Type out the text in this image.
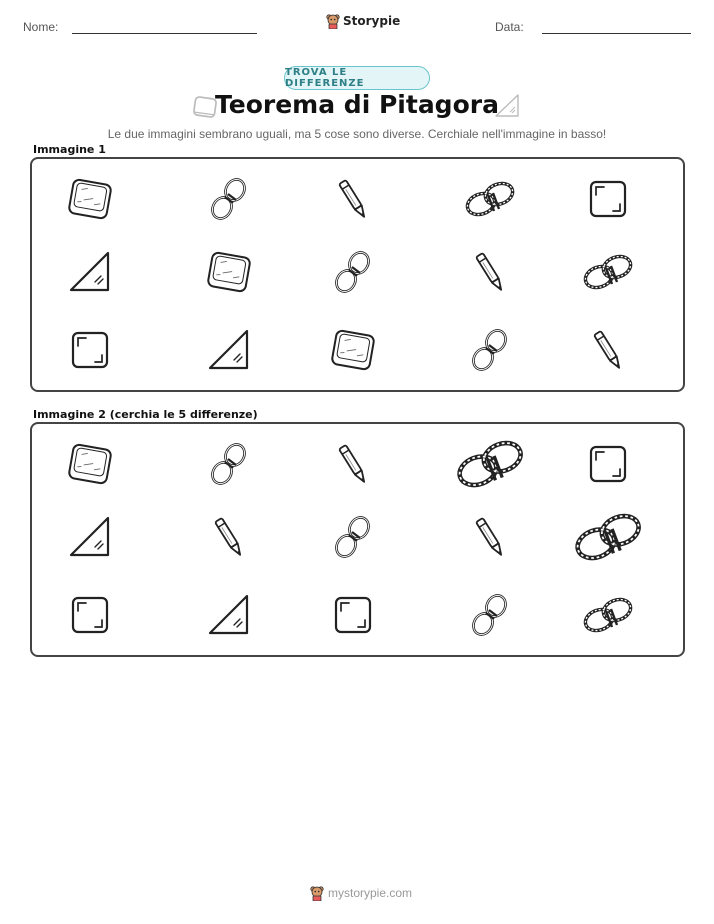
Nome:	Storypie	Data:
TROVA LE DIFFERENZE
Teorema di Pitagora
Le due immagini sembrano uguali, ma 5 cose sono diverse. Cerchiale nell'immagine in basso!
Immagine 1
Immagine 2 (cerchia le 5 differenze)
mystorypie.com
